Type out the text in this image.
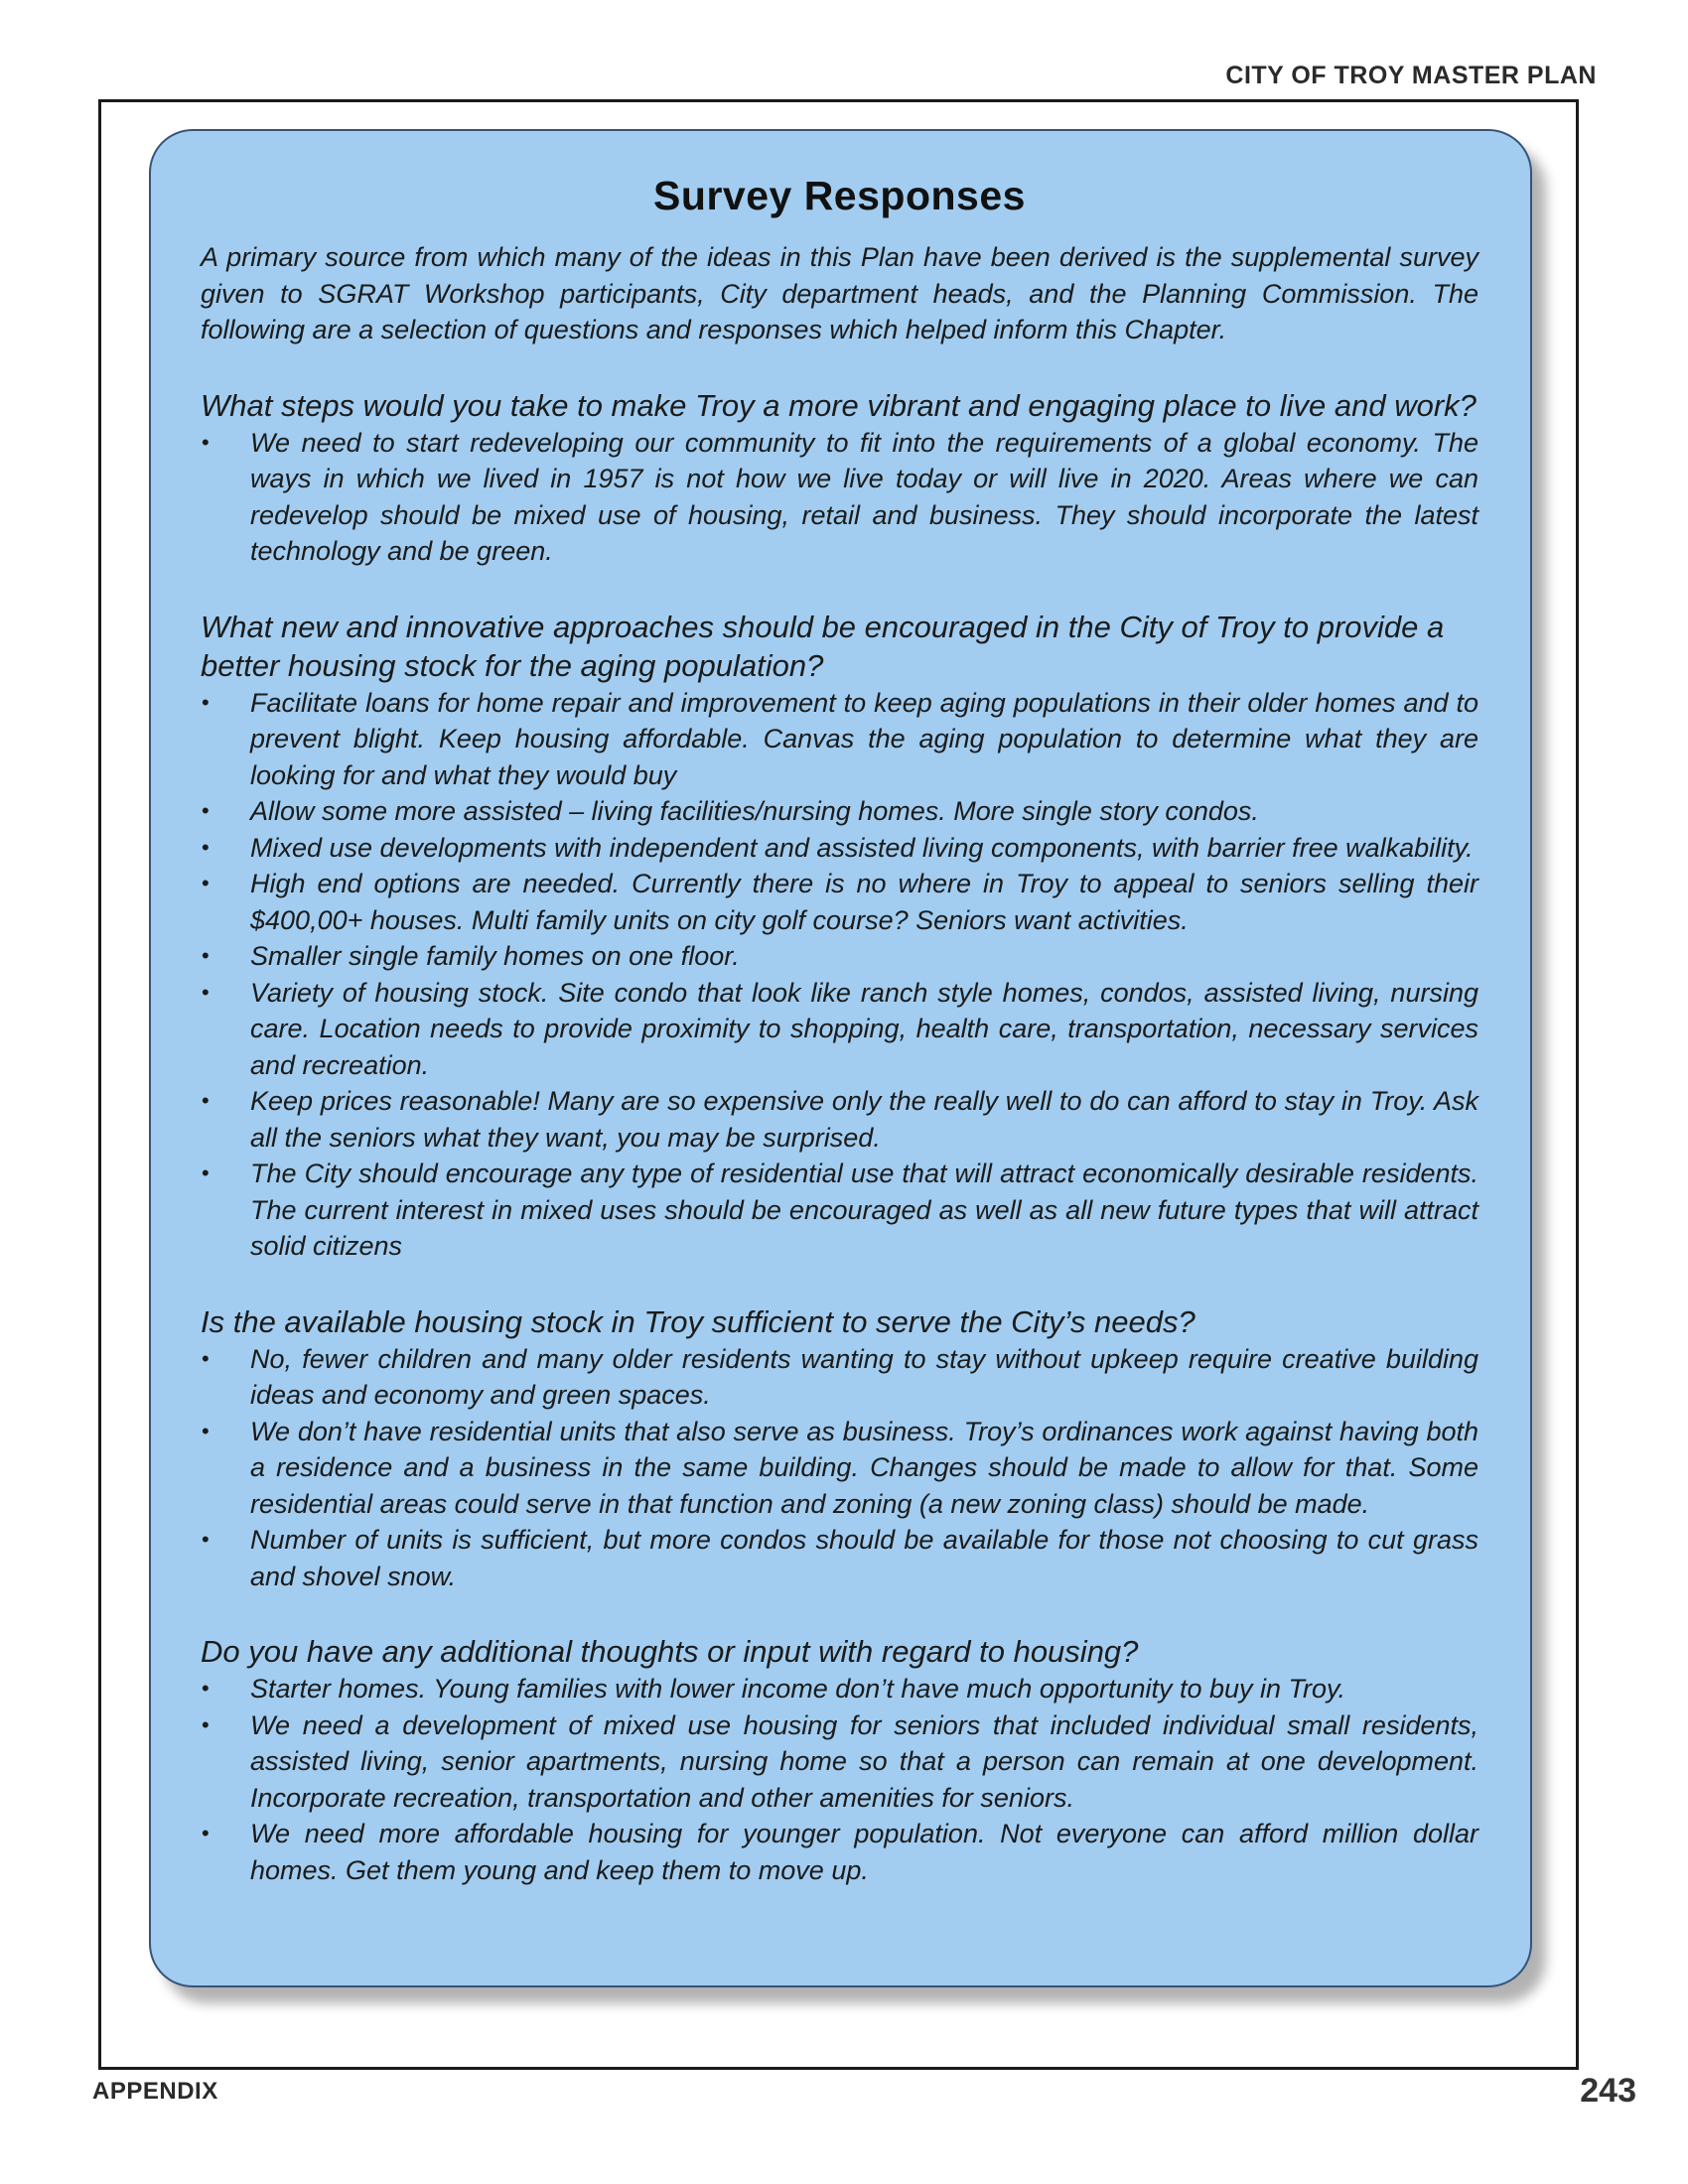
CITY OF TROY MASTER PLAN
Survey Responses

A primary source from which many of the ideas in this Plan have been derived is the supplemental survey given to SGRAT Workshop participants, City department heads, and the Planning Commission. The following are a selection of questions and responses which helped inform this Chapter.

What steps would you take to make Troy a more vibrant and engaging place to live and work?
• We need to start redeveloping our community to fit into the requirements of a global economy. The ways in which we lived in 1957 is not how we live today or will live in 2020. Areas where we can redevelop should be mixed use of housing, retail and business. They should incorporate the latest technology and be green.
What new and innovative approaches should be encouraged in the City of Troy to provide a better housing stock for the aging population?
• Facilitate loans for home repair and improvement to keep aging populations in their older homes and to prevent blight. Keep housing affordable. Canvas the aging population to determine what they are looking for and what they would buy
• Allow some more assisted – living facilities/nursing homes. More single story condos.
• Mixed use developments with independent and assisted living components, with barrier free walkability.
• High end options are needed. Currently there is no where in Troy to appeal to seniors selling their $400,00+ houses. Multi family units on city golf course? Seniors want activities.
• Smaller single family homes on one floor.
• Variety of housing stock. Site condo that look like ranch style homes, condos, assisted living, nursing care. Location needs to provide proximity to shopping, health care, transportation, necessary services and recreation.
• Keep prices reasonable! Many are so expensive only the really well to do can afford to stay in Troy. Ask all the seniors what they want, you may be surprised.
• The City should encourage any type of residential use that will attract economically desirable residents. The current interest in mixed uses should be encouraged as well as all new future types that will attract solid citizens
Is the available housing stock in Troy sufficient to serve the City’s needs?
• No, fewer children and many older residents wanting to stay without upkeep require creative building ideas and economy and green spaces.
• We don’t have residential units that also serve as business. Troy’s ordinances work against having both a residence and a business in the same building. Changes should be made to allow for that. Some residential areas could serve in that function and zoning (a new zoning class) should be made.
• Number of units is sufficient, but more condos should be available for those not choosing to cut grass and shovel snow.
Do you have any additional thoughts or input with regard to housing?
• Starter homes. Young families with lower income don’t have much opportunity to buy in Troy.
• We need a development of mixed use housing for seniors that included individual small residents, assisted living, senior apartments, nursing home so that a person can remain at one development. Incorporate recreation, transportation and other amenities for seniors.
• We need more affordable housing for younger population. Not everyone can afford million dollar homes. Get them young and keep them to move up.
APPENDIX	243
